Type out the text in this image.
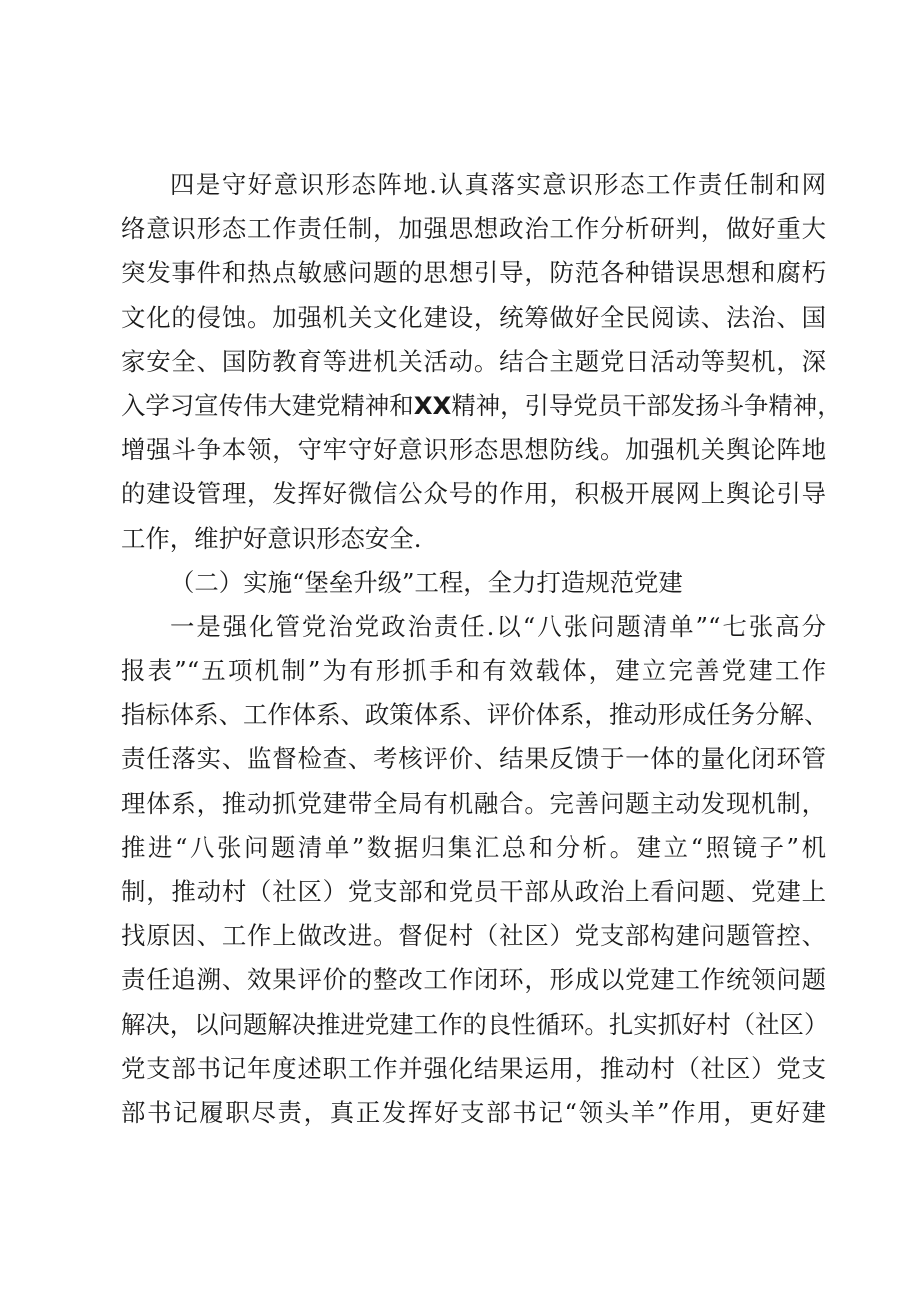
四是守好意识形态阵地.认真落实意识形态工作责任制和网
络意识形态工作责任制，加强思想政治工作分析研判，做好重大
突发事件和热点敏感问题的思想引导，防范各种错误思想和腐朽
文化的侵蚀。加强机关文化建设，统筹做好全民阅读、法治、国
家安全、国防教育等进机关活动。结合主题党日活动等契机，深
入学习宣传伟大建党精神和XX精神，引导党员干部发扬斗争精神，
增强斗争本领，守牢守好意识形态思想防线。加强机关舆论阵地
的建设管理，发挥好微信公众号的作用，积极开展网上舆论引导
工作，维护好意识形态安全.
（二）实施“堡垒升级”工程，全力打造规范党建
一是强化管党治党政治责任.以“八张问题清单”“七张高分
报表”“五项机制”为有形抓手和有效载体，建立完善党建工作
指标体系、工作体系、政策体系、评价体系，推动形成任务分解、
责任落实、监督检查、考核评价、结果反馈于一体的量化闭环管
理体系，推动抓党建带全局有机融合。完善问题主动发现机制，
推进“八张问题清单”数据归集汇总和分析。建立“照镜子”机
制，推动村（社区）党支部和党员干部从政治上看问题、党建上
找原因、工作上做改进。督促村（社区）党支部构建问题管控、
责任追溯、效果评价的整改工作闭环，形成以党建工作统领问题
解决，以问题解决推进党建工作的良性循环。扎实抓好村（社区）
党支部书记年度述职工作并强化结果运用，推动村（社区）党支
部书记履职尽责，真正发挥好支部书记“领头羊”作用，更好建
